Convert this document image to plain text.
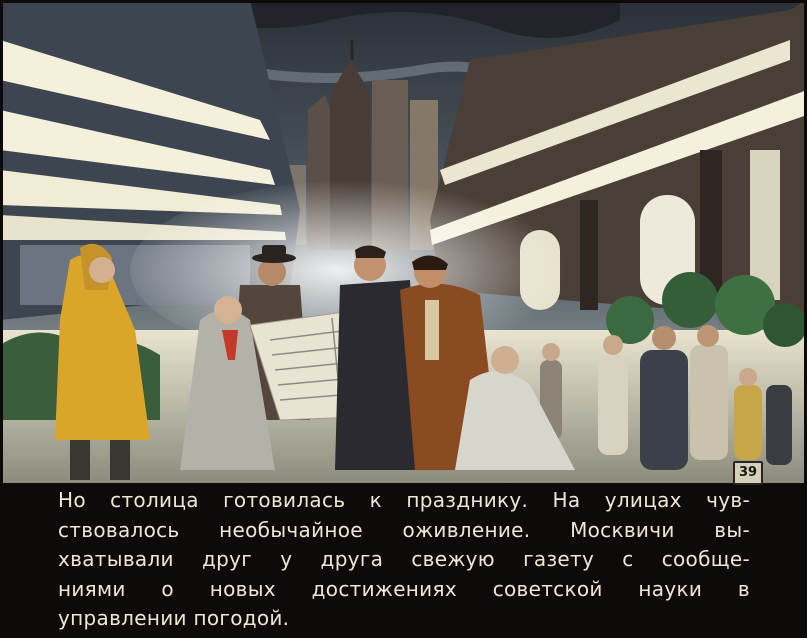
39
Но столица готовилась к празднику. На улицах чув-
ствовалось необычайное оживление. Москвичи вы-
хватывали друг у друга свежую газету с сообще-
ниями о новых достижениях советской науки в
управлении погодой.
